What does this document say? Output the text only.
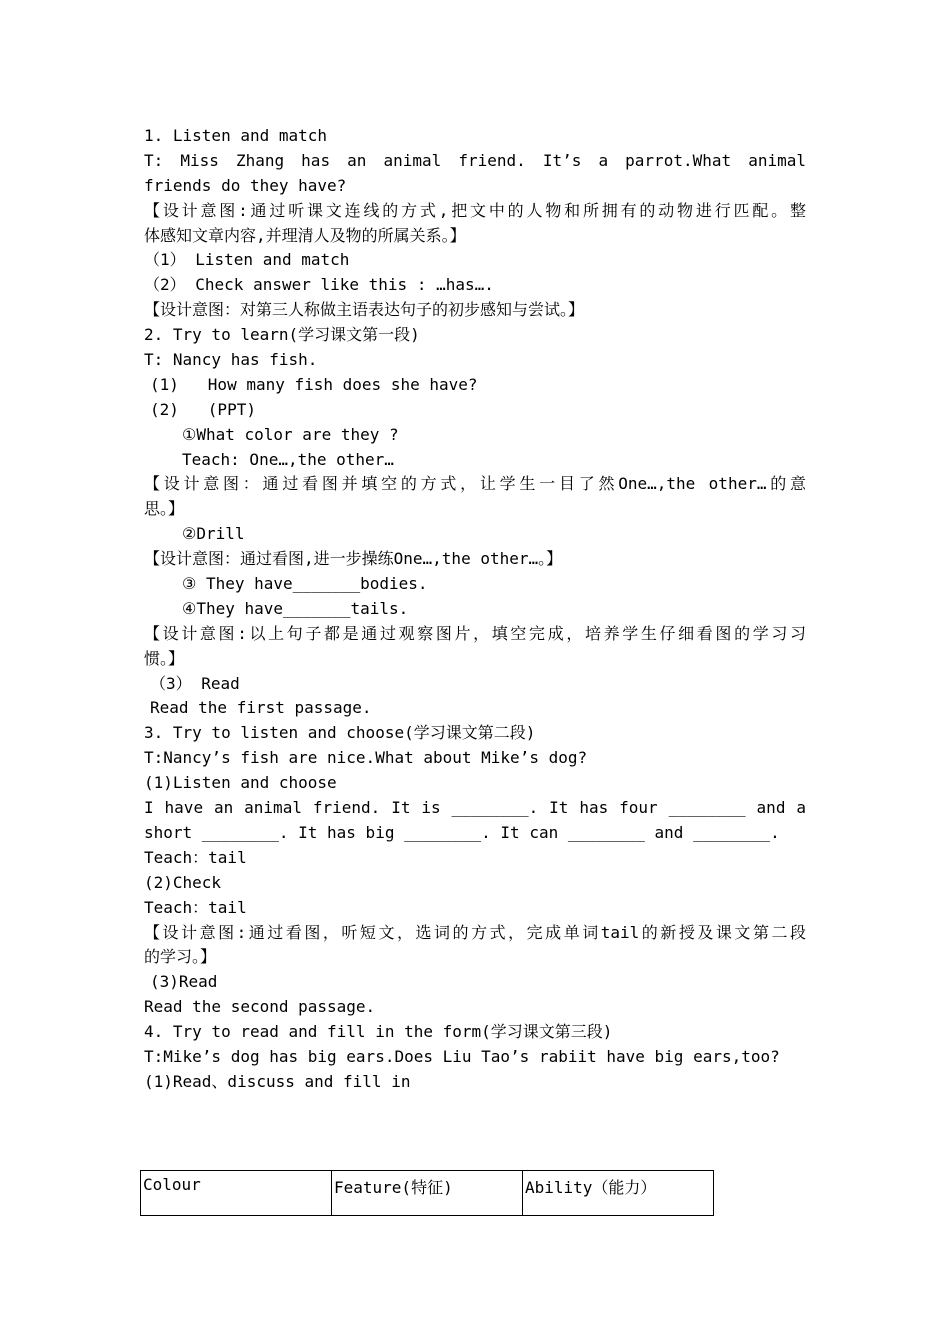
1. Listen and match
T: Miss Zhang has an animal friend. It’s a parrot.What animal
friends do they have?
【设计意图:通过听课文连线的方式,把文中的人物和所拥有的动物进行匹配。整
体感知文章内容,并理清人及物的所属关系。】
（1） Listen and match
（2） Check answer like this : …has….
【设计意图：对第三人称做主语表达句子的初步感知与尝试。】
2. Try to learn(学习课文第一段)
T: Nancy has fish.
(1)   How many fish does she have?
(2)   (PPT)
①What color are they ?
Teach: One…,the other…
【设计意图：通过看图并填空的方式，让学生一目了然One…,the other…的意
思。】
②Drill
【设计意图：通过看图,进一步操练One…,the other…。】
③ They have_______bodies.
④They have_______tails.
【设计意图:以上句子都是通过观察图片，填空完成，培养学生仔细看图的学习习
惯。】
（3） Read
Read the first passage.
3. Try to listen and choose(学习课文第二段)
T:Nancy’s fish are nice.What about Mike’s dog?
(1)Listen and choose
I have an animal friend. It is ________. It has four ________ and a
short ________. It has big ________. It can ________ and ________.
Teach：tail
(2)Check
Teach：tail
【设计意图:通过看图，听短文，选词的方式，完成单词tail的新授及课文第二段
的学习。】
(3)Read
Read the second passage.
4. Try to read and fill in the form(学习课文第三段)
T:Mike’s dog has big ears.Does Liu Tao’s rabiit have big ears,too?
(1)Read、discuss and fill in
Colour	Feature(特征)	Ability（能力）
